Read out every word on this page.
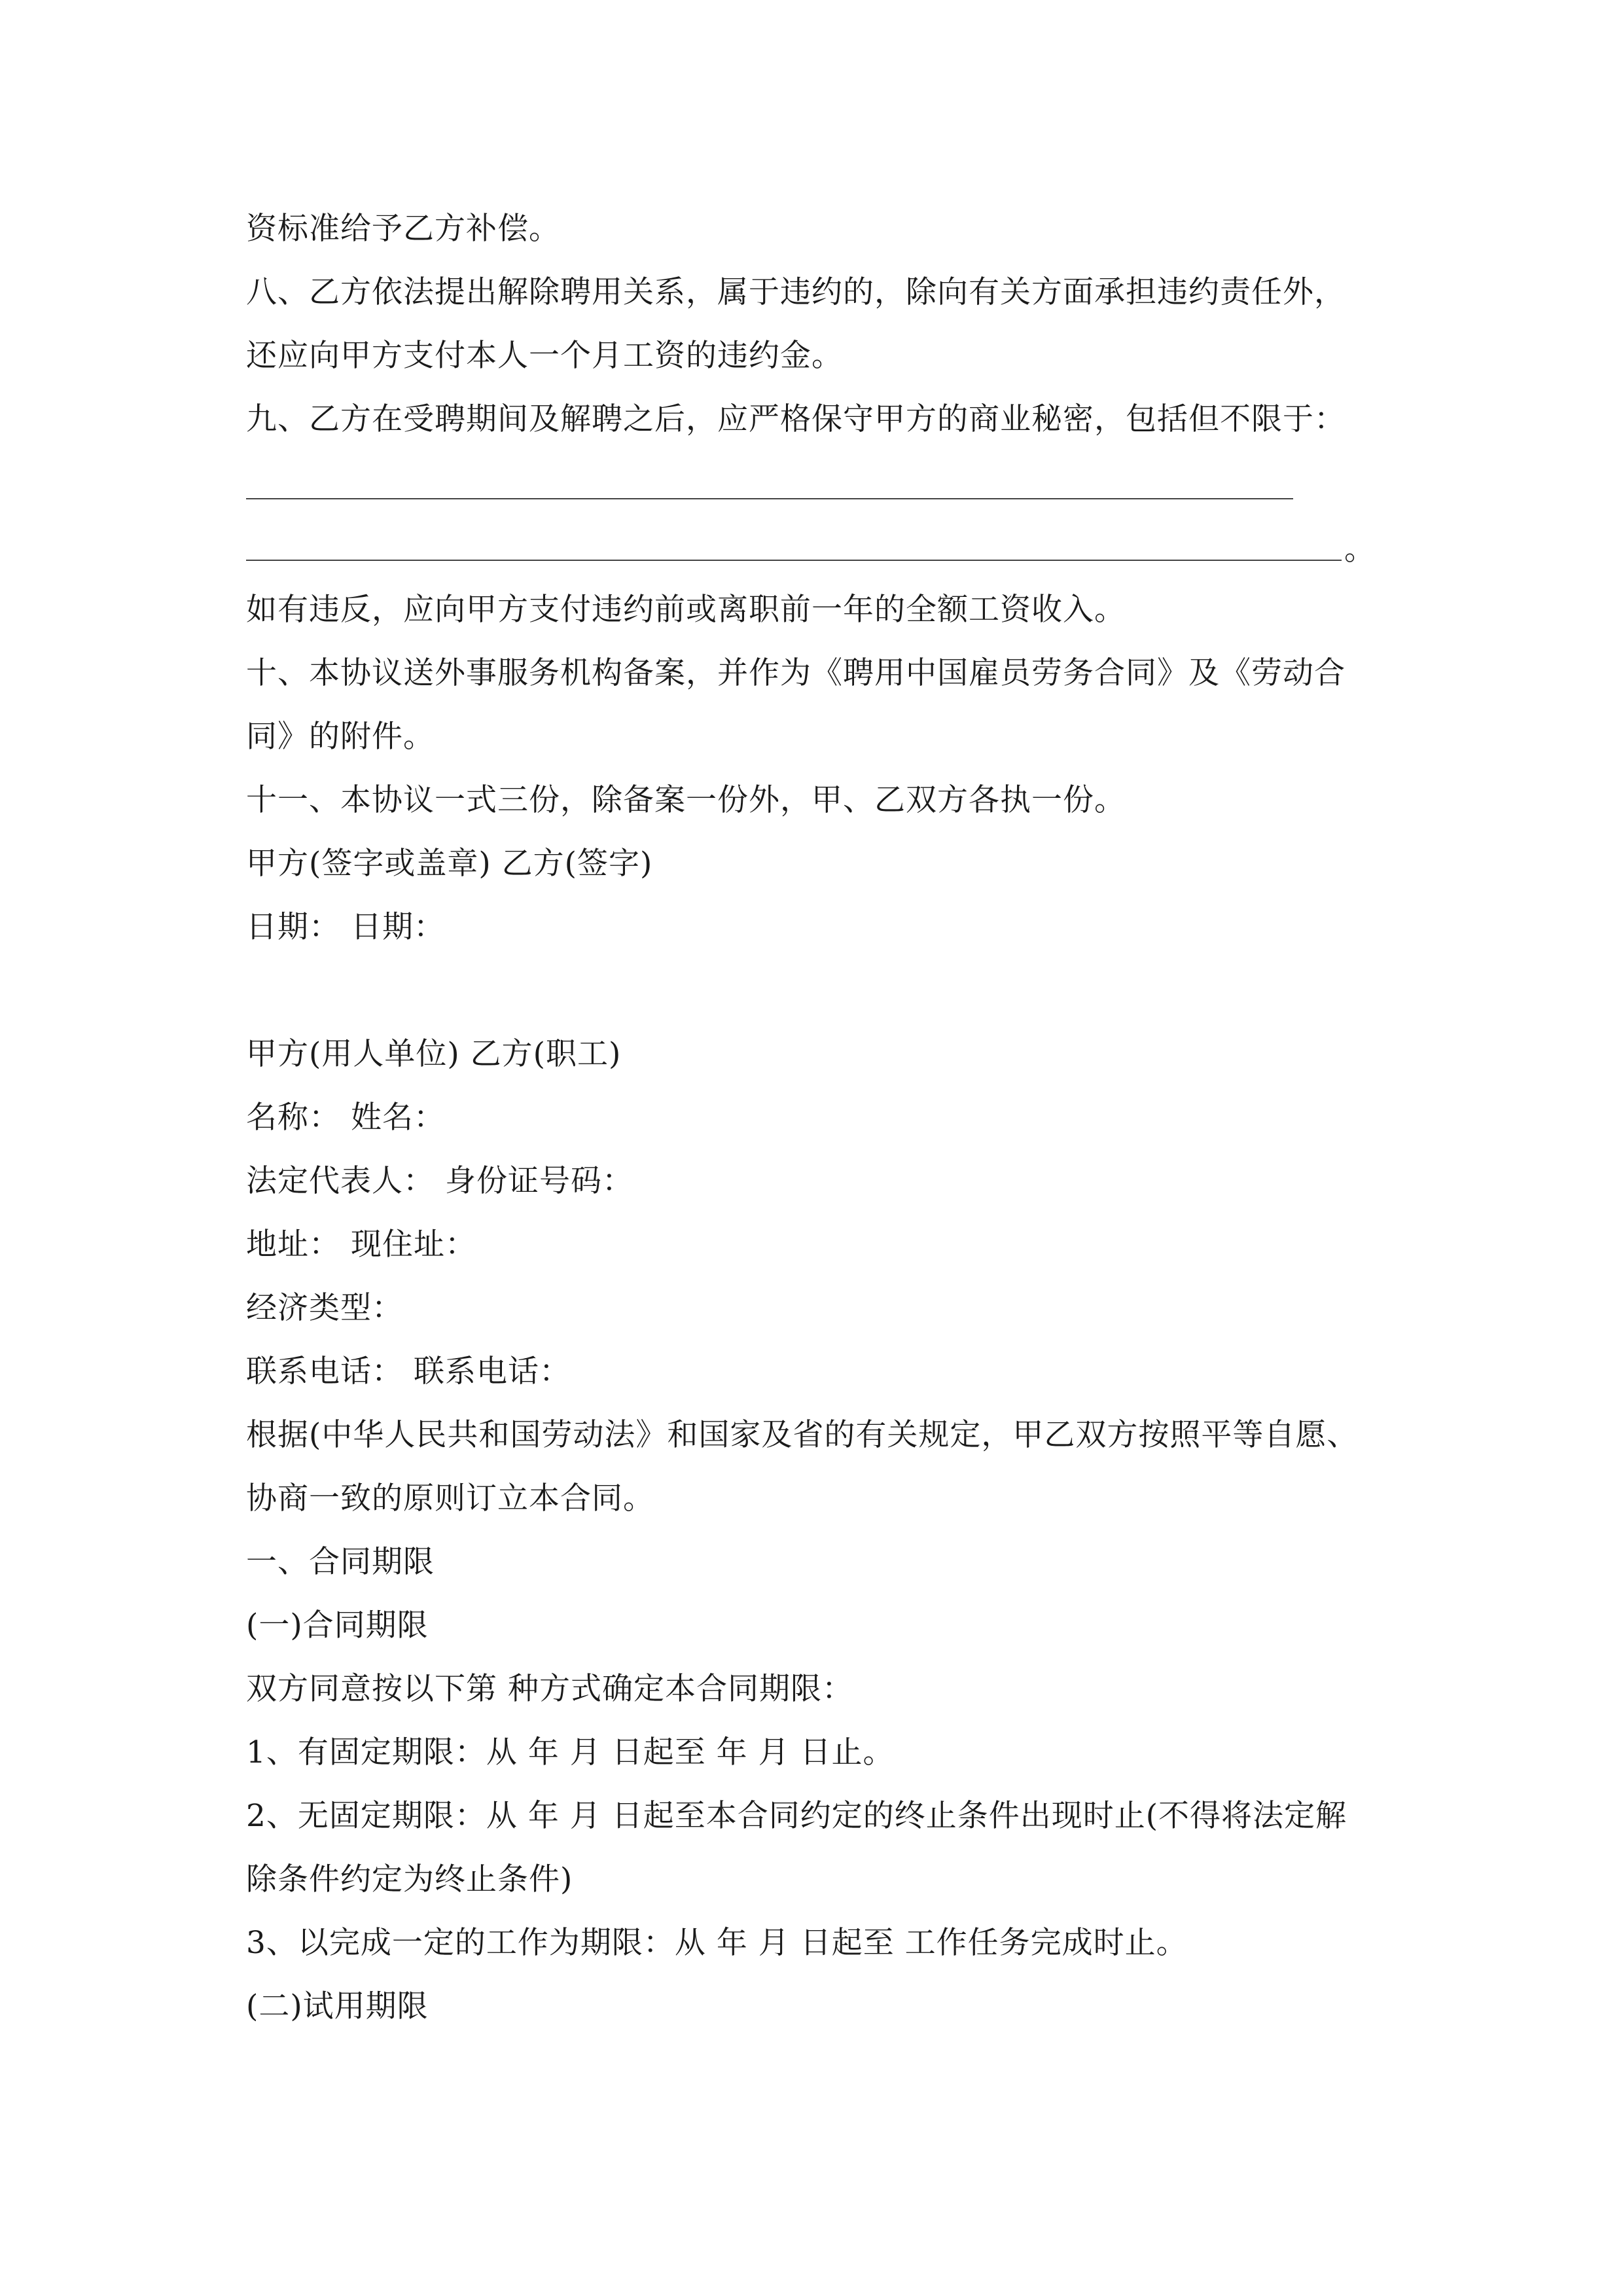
资标准给予乙方补偿。
八、乙方依法提出解除聘用关系，属于违约的，除向有关方面承担违约责任外，
还应向甲方支付本人一个月工资的违约金。
九、乙方在受聘期间及解聘之后，应严格保守甲方的商业秘密，包括但不限于：
。
如有违反，应向甲方支付违约前或离职前一年的全额工资收入。
十、本协议送外事服务机构备案，并作为《聘用中国雇员劳务合同》及《劳动合
同》的附件。
十一、本协议一式三份，除备案一份外，甲、乙双方各执一份。
甲方(签字或盖章) 乙方(签字)
日期： 日期：
甲方(用人单位) 乙方(职工)
名称： 姓名：
法定代表人： 身份证号码：
地址： 现住址：
经济类型：
联系电话： 联系电话：
根据(中华人民共和国劳动法》和国家及省的有关规定，甲乙双方按照平等自愿、
协商一致的原则订立本合同。
一、合同期限
(一)合同期限
双方同意按以下第 种方式确定本合同期限：
1、有固定期限：从 年 月 日起至 年 月 日止。
2、无固定期限：从 年 月 日起至本合同约定的终止条件出现时止(不得将法定解
除条件约定为终止条件)
3、以完成一定的工作为期限：从 年 月 日起至 工作任务完成时止。
(二)试用期限
